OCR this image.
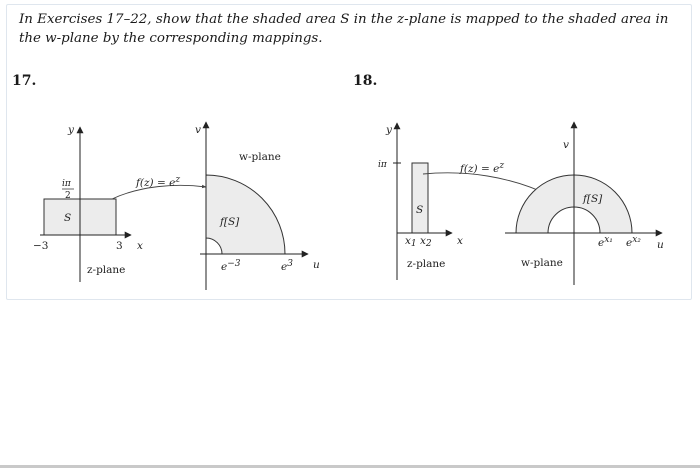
In Exercises 17–22, show that the shaded area S in the z-plane is mapped to the shaded area in the w-plane by the corresponding mappings.

17.	18.
y
x
iπ
2
−3	3
S
z-plane
f(z) = ez
v
u
w-plane
f[S]
e−3	e3
y
x
iπ
S
x1 x2
z-plane
f(z) = ez
v
u
w-plane
f[S]
ex₁ ex₂
